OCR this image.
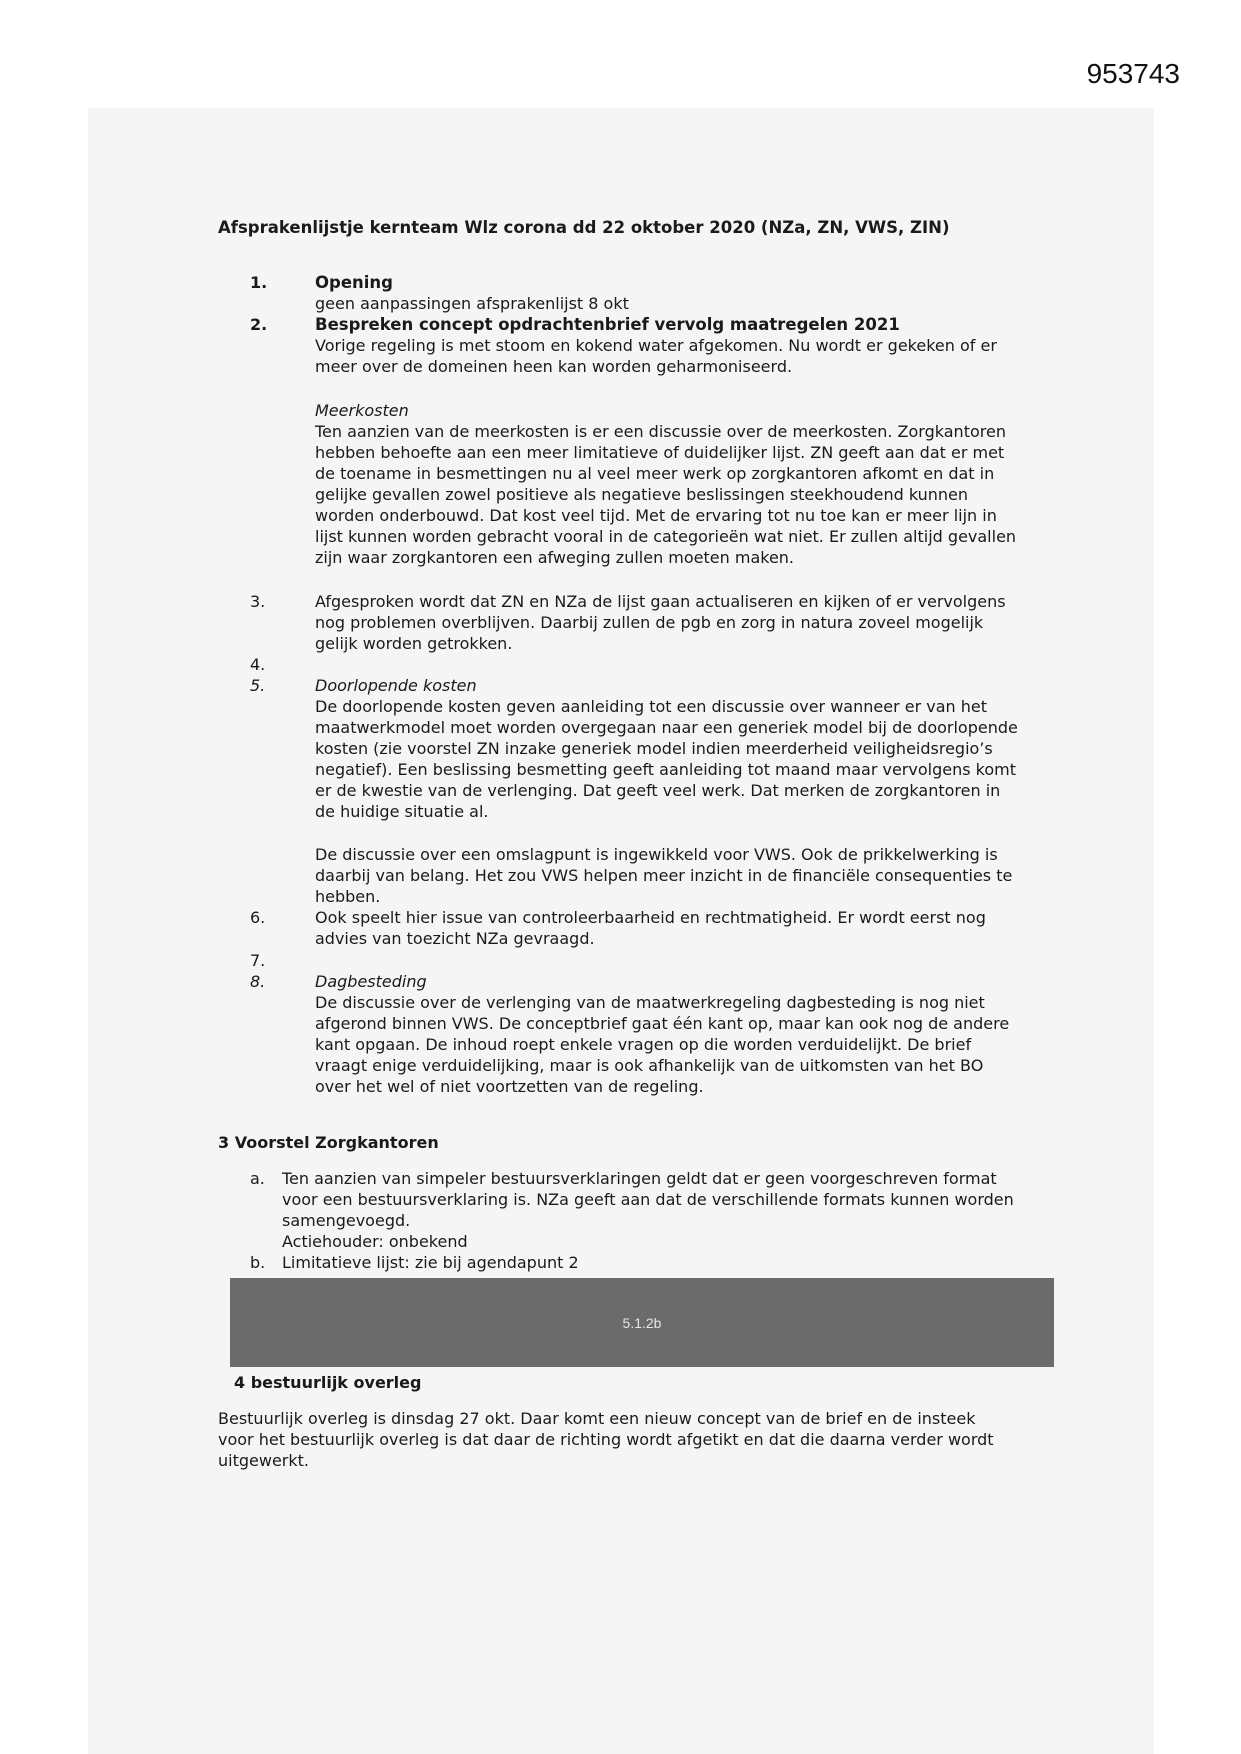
953743
Afsprakenlijstje kernteam Wlz corona dd 22 oktober 2020 (NZa, ZN, VWS, ZIN)
1.	Opening
geen aanpassingen afsprakenlijst 8 okt
2.	Bespreken concept opdrachtenbrief vervolg maatregelen 2021
Vorige regeling is met stoom en kokend water afgekomen. Nu wordt er gekeken of er
meer over de domeinen heen kan worden geharmoniseerd.
Meerkosten
Ten aanzien van de meerkosten is er een discussie over de meerkosten. Zorgkantoren
hebben behoefte aan een meer limitatieve of duidelijker lijst. ZN geeft aan dat er met
de toename in besmettingen nu al veel meer werk op zorgkantoren afkomt en dat in
gelijke gevallen zowel positieve als negatieve beslissingen steekhoudend kunnen
worden onderbouwd. Dat kost veel tijd. Met de ervaring tot nu toe kan er meer lijn in
lijst kunnen worden gebracht vooral in de categorieën wat niet. Er zullen altijd gevallen
zijn waar zorgkantoren een afweging zullen moeten maken.
3.	Afgesproken wordt dat ZN en NZa de lijst gaan actualiseren en kijken of er vervolgens
nog problemen overblijven. Daarbij zullen de pgb en zorg in natura zoveel mogelijk
gelijk worden getrokken.
4.
5.	Doorlopende kosten
De doorlopende kosten geven aanleiding tot een discussie over wanneer er van het
maatwerkmodel moet worden overgegaan naar een generiek model bij de doorlopende
kosten (zie voorstel ZN inzake generiek model indien meerderheid veiligheidsregio’s
negatief). Een beslissing besmetting geeft aanleiding tot maand maar vervolgens komt
er de kwestie van de verlenging. Dat geeft veel werk. Dat merken de zorgkantoren in
de huidige situatie al.
De discussie over een omslagpunt is ingewikkeld voor VWS. Ook de prikkelwerking is
daarbij van belang. Het zou VWS helpen meer inzicht in de financiële consequenties te
hebben.
6.	Ook speelt hier issue van controleerbaarheid en rechtmatigheid. Er wordt eerst nog
advies van toezicht NZa gevraagd.
7.
8.	Dagbesteding
De discussie over de verlenging van de maatwerkregeling dagbesteding is nog niet
afgerond binnen VWS. De conceptbrief gaat één kant op, maar kan ook nog de andere
kant opgaan. De inhoud roept enkele vragen op die worden verduidelijkt. De brief
vraagt enige verduidelijking, maar is ook afhankelijk van de uitkomsten van het BO
over het wel of niet voortzetten van de regeling.
3 Voorstel Zorgkantoren
a. Ten aanzien van simpeler bestuursverklaringen geldt dat er geen voorgeschreven format
voor een bestuursverklaring is. NZa geeft aan dat de verschillende formats kunnen worden
samengevoegd.
Actiehouder: onbekend
b. Limitatieve lijst: zie bij agendapunt 2
5.1.2b
4 bestuurlijk overleg
Bestuurlijk overleg is dinsdag 27 okt. Daar komt een nieuw concept van de brief en de insteek
voor het bestuurlijk overleg is dat daar de richting wordt afgetikt en dat die daarna verder wordt
uitgewerkt.
